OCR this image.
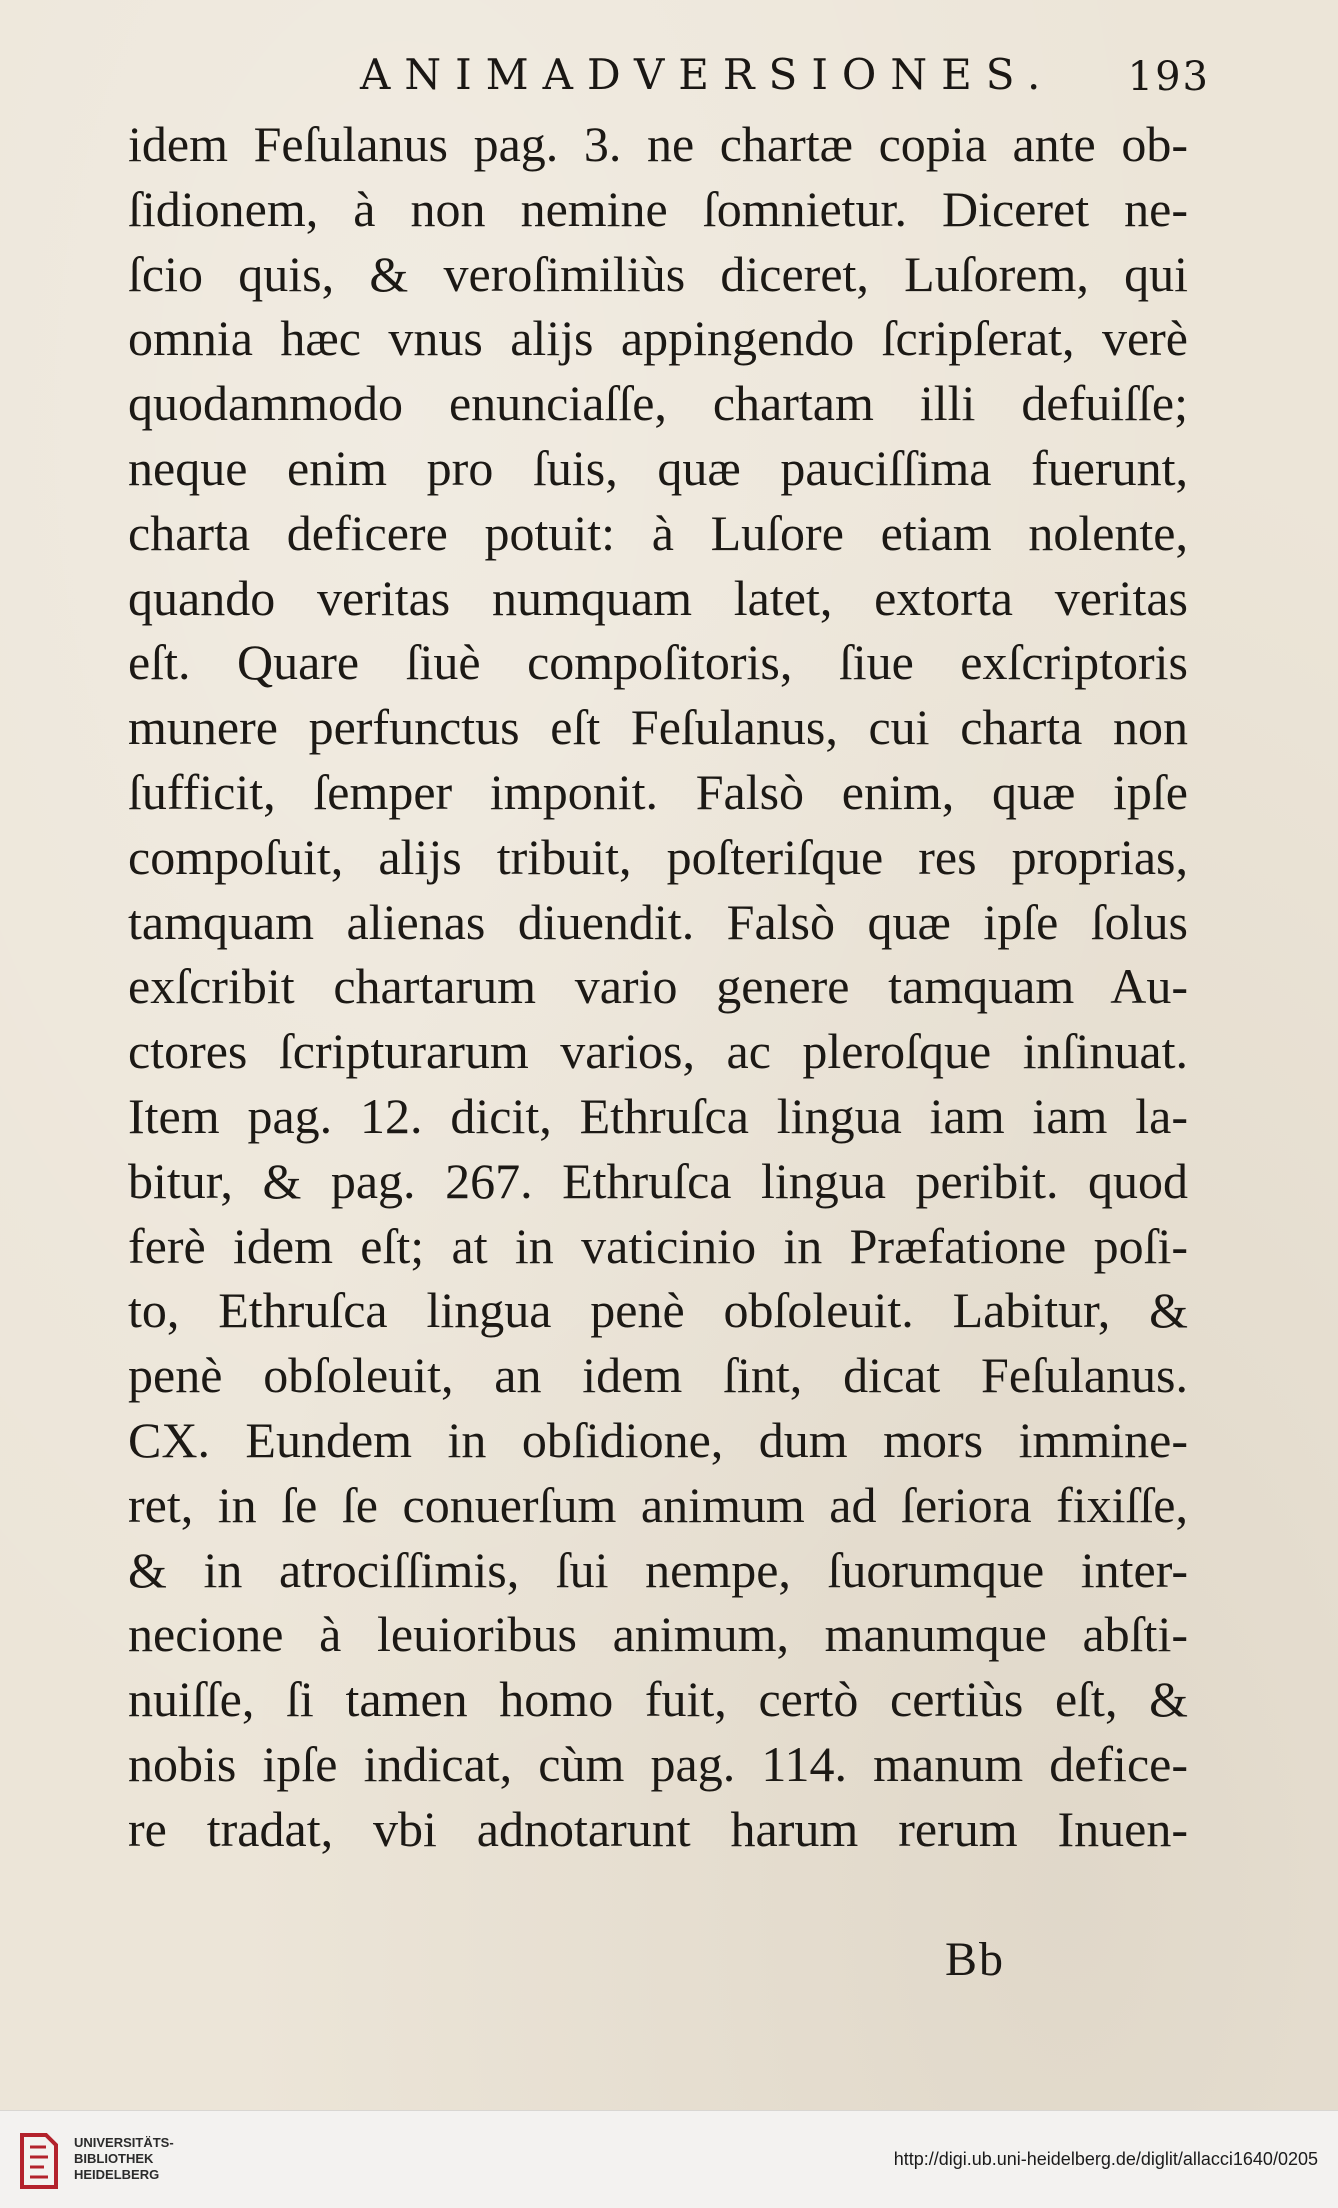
ANIMADVERSIONES. 193
idem Feſulanus pag. 3. ne chartæ copia ante ob-
ſidionem, à non nemine ſomnietur. Diceret ne-
ſcio quis, & veroſimiliùs diceret, Luſorem, qui
omnia hæc vnus alijs appingendo ſcripſerat, verè
quodammodo enunciaſſe, chartam illi defuiſſe;
neque enim pro ſuis, quæ pauciſſima fuerunt,
charta deficere potuit: à Luſore etiam nolente,
quando veritas numquam latet, extorta veritas
eſt. Quare ſiuè compoſitoris, ſiue exſcriptoris
munere perfunctus eſt Feſulanus, cui charta non
ſufficit, ſemper imponit. Falsò enim, quæ ipſe
compoſuit, alijs tribuit, poſteriſque res proprias,
tamquam alienas diuendit. Falsò quæ ipſe ſolus
exſcribit chartarum vario genere tamquam Au-
ctores ſcripturarum varios, ac pleroſque inſinuat.
Item pag. 12. dicit, Ethruſca lingua iam iam la-
bitur, & pag. 267. Ethruſca lingua peribit. quod
ferè idem eſt; at in vaticinio in Præfatione poſi-
to, Ethruſca lingua penè obſoleuit. Labitur, &
penè obſoleuit, an idem ſint, dicat Feſulanus.
CX. Eundem in obſidione, dum mors immine-
ret, in ſe ſe conuerſum animum ad ſeriora fixiſſe,
& in atrociſſimis, ſui nempe, ſuorumque inter-
necione à leuioribus animum, manumque abſti-
nuiſſe, ſi tamen homo fuit, certò certiùs eſt, &
nobis ipſe indicat, cùm pag. 114. manum defice-
re tradat, vbi adnotarunt harum rerum Inuen-
Bb
UNIVERSITÄTS-
BIBLIOTHEK
HEIDELBERG
http://digi.ub.uni-heidelberg.de/diglit/allacci1640/0205
